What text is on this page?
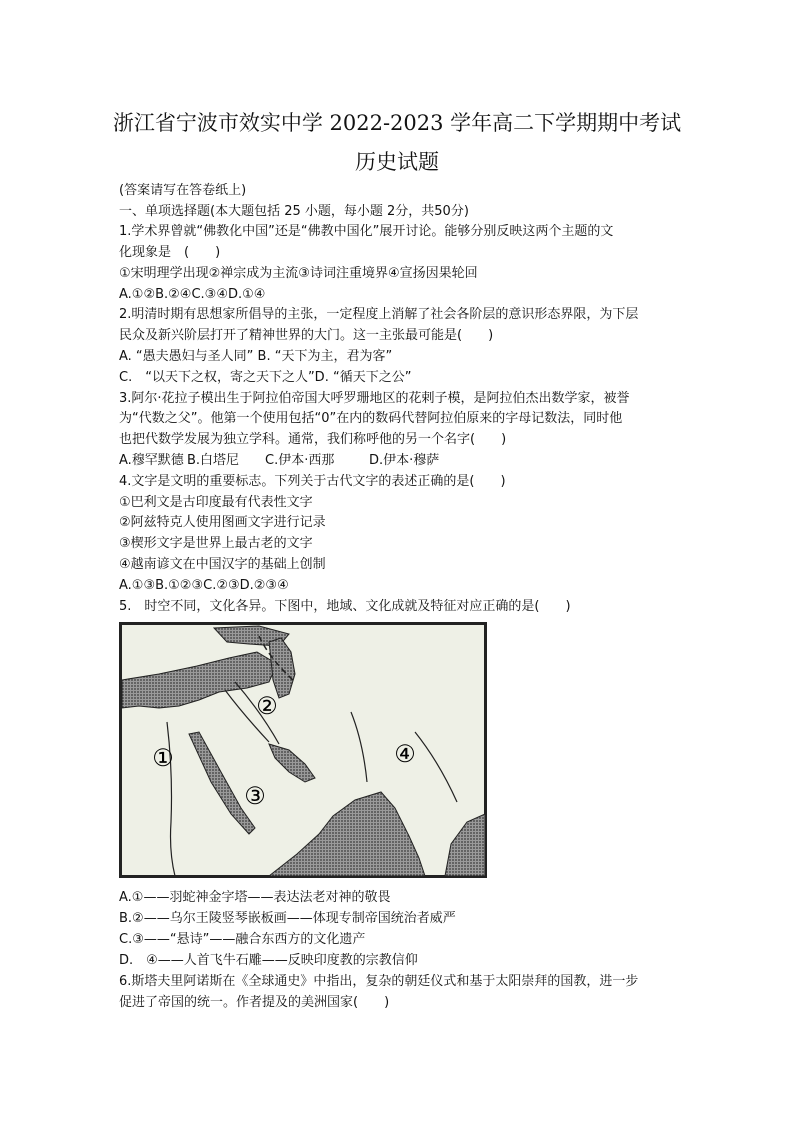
浙江省宁波市效实中学 2022-2023 学年高二下学期期中考试
历史试题
(答案请写在答卷纸上)
一、单项选择题(本大题包括 25 小题，每小题 2分，共50分)
1.学术界曾就“佛教化中国”还是“佛教中国化”展开讨论。能够分别反映这两个主题的文
化现象是　(　　)
①宋明理学出现②禅宗成为主流③诗词注重境界④宣扬因果轮回
A.①②B.②④C.③④D.①④
2.明清时期有思想家所倡导的主张，一定程度上消解了社会各阶层的意识形态界限，为下层
民众及新兴阶层打开了精神世界的大门。这一主张最可能是(　　)
A. “愚夫愚妇与圣人同” B. “天下为主，君为客”
C.　“以天下之权，寄之天下之人”D. “循天下之公”
3.阿尔·花拉子模出生于阿拉伯帝国大呼罗珊地区的花剌子模，是阿拉伯杰出数学家，被誉
为“代数之父”。他第一个使用包括“0”在内的数码代替阿拉伯原来的字母记数法，同时他
也把代数学发展为独立学科。通常，我们称呼他的另一个名字(　　)
A.穆罕默德 B.白塔尼 C.伊本·西那	D.伊本·穆萨
4.文字是文明的重要标志。下列关于古代文字的表述正确的是(　　)
①巴利文是古印度最有代表性文字
②阿兹特克人使用图画文字进行记录
③楔形文字是世界上最古老的文字
④越南谚文在中国汉字的基础上创制
A.①③B.①②③C.②③D.②③④
5.　时空不同，文化各异。下图中，地域、文化成就及特征对应正确的是(　　)
①
②
③
④
A.①——羽蛇神金字塔——表达法老对神的敬畏
B.②——乌尔王陵竖琴嵌板画——体现专制帝国统治者威严
C.③——“悬诗”——融合东西方的文化遗产
D.　④——人首飞牛石雕——反映印度教的宗教信仰
6.斯塔夫里阿诺斯在《全球通史》中指出，复杂的朝廷仪式和基于太阳崇拜的国教，进一步
促进了帝国的统一。作者提及的美洲国家(　　)
